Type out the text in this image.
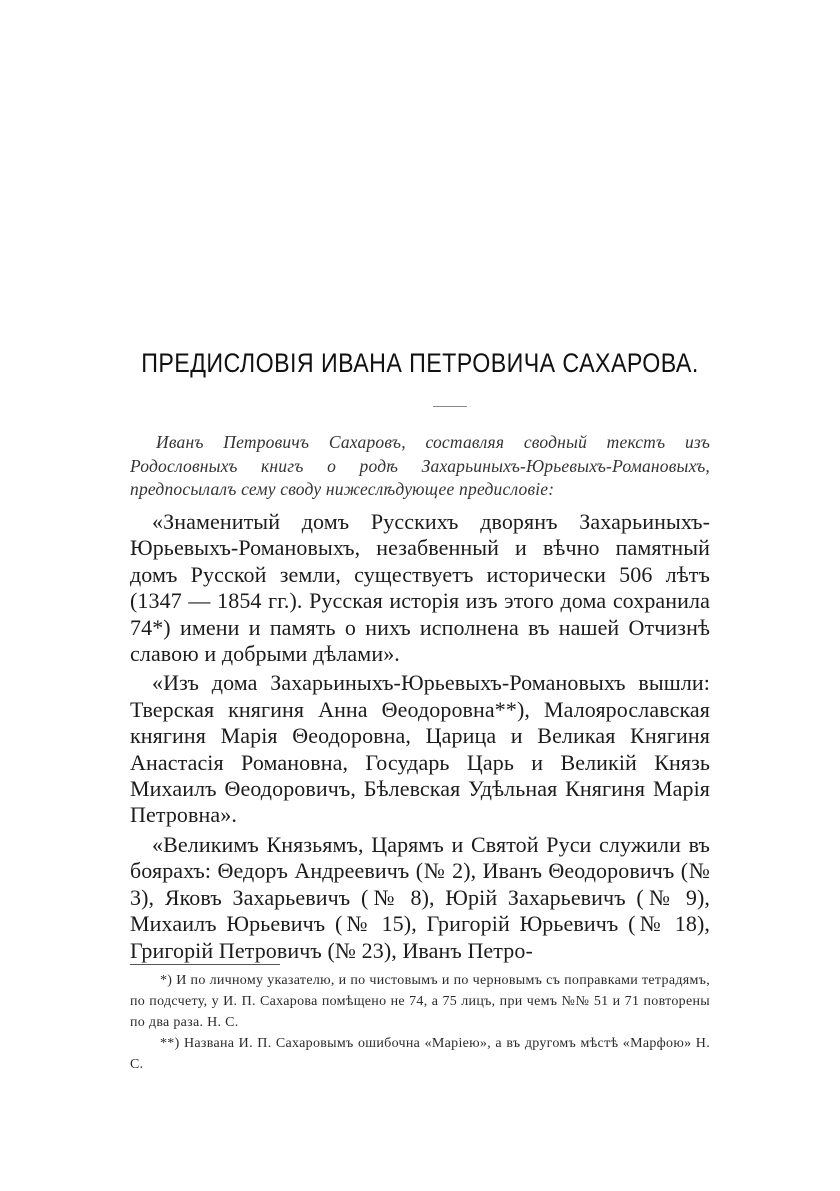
ПРЕДИСЛОВІЯ ИВАНА ПЕТРОВИЧА САХАРОВА.

Иванъ Петровичъ Сахаровъ, составляя сводный текстъ изъ Родословныхъ книгъ о родѣ Захарьиныхъ-Юрьевыхъ-Романовыхъ, предпосылалъ сему своду нижеслѣдующее предисловіе:

«Знаменитый домъ Русскихъ дворянъ Захарьиныхъ-Юрьевыхъ-Романовыхъ, незабвенный и вѣчно памятный домъ Русской земли, существуетъ исторически 506 лѣтъ (1347 — 1854 гг.). Русская исторія изъ этого дома сохранила 74*) имени и память о нихъ исполнена въ нашей Отчизнѣ славою и добрыми дѣлами».

«Изъ дома Захарьиныхъ-Юрьевыхъ-Романовыхъ вышли: Тверская княгиня Анна Θеодоровна**), Малоярославская княгиня Марія Θеодоровна, Царица и Великая Княгиня Анастасія Романовна, Государь Царь и Великій Князь Михаилъ Θеодоровичъ, Бѣлевская Удѣльная Княгиня Марія Петровна».

«Великимъ Князьямъ, Царямъ и Святой Руси служили въ боярахъ: Θедоръ Андреевичъ (№ 2), Иванъ Θеодоровичъ (№ 3), Яковъ Захарьевичъ (№ 8), Юрій Захарьевичъ (№ 9), Михаилъ Юрьевичъ (№ 15), Григорій Юрьевичъ (№ 18), Григорій Петровичъ (№ 23), Иванъ Петро-

*) И по личному указателю, и по чистовымъ и по черновымъ съ поправками тетрадямъ, по подсчету, у И. П. Сахарова помѣщено не 74, а 75 лицъ, при чемъ №№ 51 и 71 повторены по два раза. Н. С.

**) Названа И. П. Сахаровымъ ошибочна «Маріею», а въ другомъ мѣстѣ «Марфою» Н. С.
